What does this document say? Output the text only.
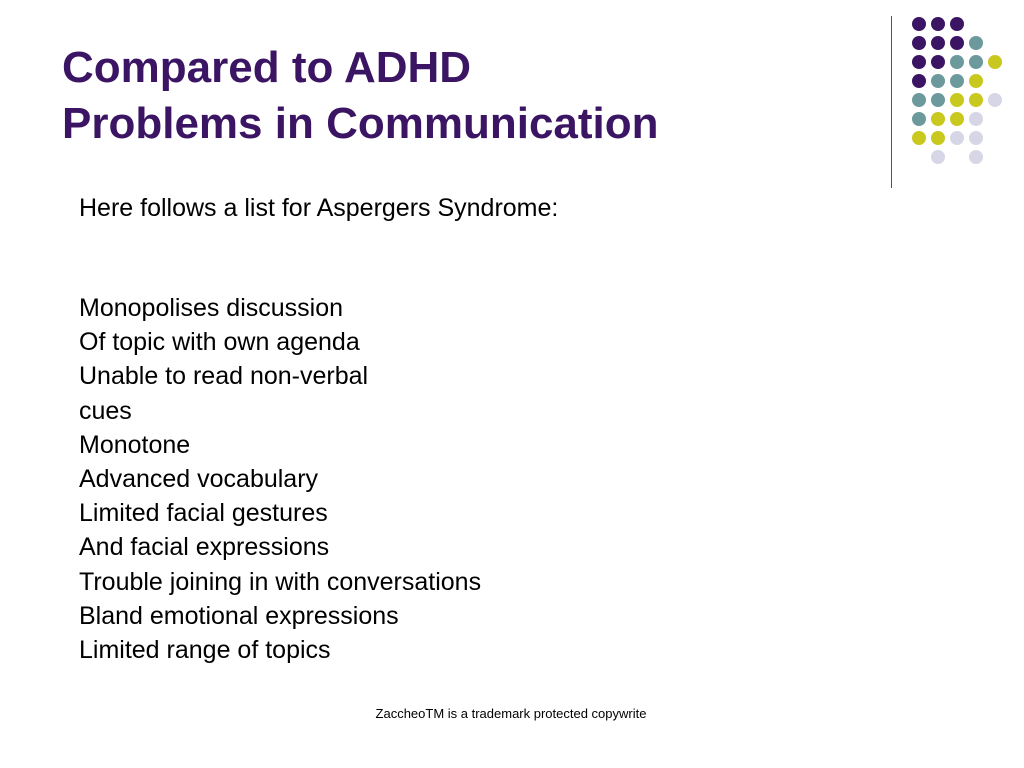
Compared to ADHD
Problems in Communication

Here follows a list for Aspergers Syndrome:

Monopolises discussion
Of topic with own agenda
Unable to read non-verbal
cues
Monotone
Advanced vocabulary
Limited facial gestures
And facial expressions
Trouble joining in with conversations
Bland emotional expressions
Limited range of topics
ZaccheoTM is a trademark protected copywrite
